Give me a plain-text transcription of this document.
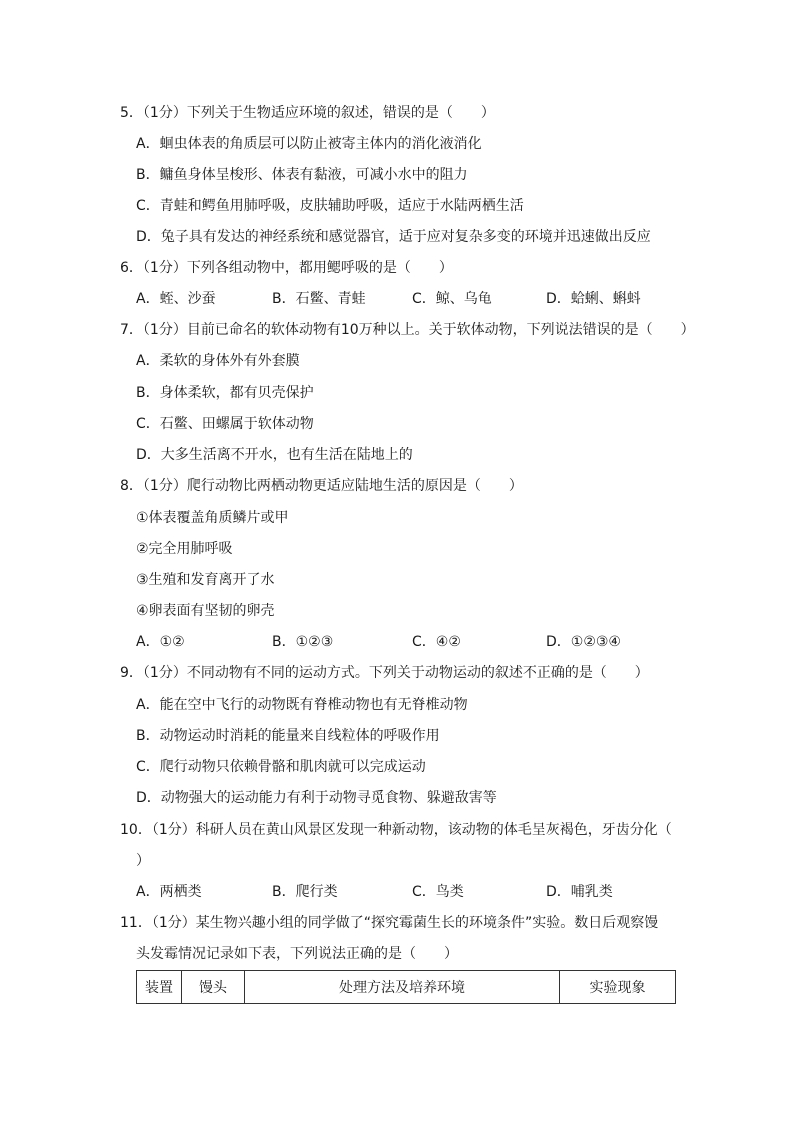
5．（1分）下列关于生物适应环境的叙述，错误的是（　　）
A．蛔虫体表的角质层可以防止被寄主体内的消化液消化
B．鳙鱼身体呈梭形、体表有黏液，可减小水中的阻力
C．青蛙和鳄鱼用肺呼吸，皮肤辅助呼吸，适应于水陆两栖生活
D．兔子具有发达的神经系统和感觉器官，适于应对复杂多变的环境并迅速做出反应
6．（1分）下列各组动物中，都用鳃呼吸的是（　　）
A．蛭、沙蚕	B．石鳖、青蛙	C．鲸、乌龟	D．蛤蜊、蝌蚪
7．（1分）目前已命名的软体动物有10万种以上。关于软体动物，下列说法错误的是（　　）
A．柔软的身体外有外套膜
B．身体柔软，都有贝壳保护
C．石鳖、田螺属于软体动物
D．大多生活离不开水，也有生活在陆地上的
8．（1分）爬行动物比两栖动物更适应陆地生活的原因是（　　）
①体表覆盖角质鳞片或甲
②完全用肺呼吸
③生殖和发育离开了水
④卵表面有坚韧的卵壳
A．①②	B．①②③	C．④②	D．①②③④
9．（1分）不同动物有不同的运动方式。下列关于动物运动的叙述不正确的是（　　）
A．能在空中飞行的动物既有脊椎动物也有无脊椎动物
B．动物运动时消耗的能量来自线粒体的呼吸作用
C．爬行动物只依赖骨骼和肌肉就可以完成运动
D．动物强大的运动能力有利于动物寻觅食物、躲避敌害等
10．（1分）科研人员在黄山风景区发现一种新动物，该动物的体毛呈灰褐色，牙齿分化（
）
A．两栖类	B．爬行类	C．鸟类	D．哺乳类
11．（1分）某生物兴趣小组的同学做了“探究霉菌生长的环境条件”实验。数日后观察馒
头发霉情况记录如下表，下列说法正确的是（　　）
装置	馒头	处理方法及培养环境	实验现象
